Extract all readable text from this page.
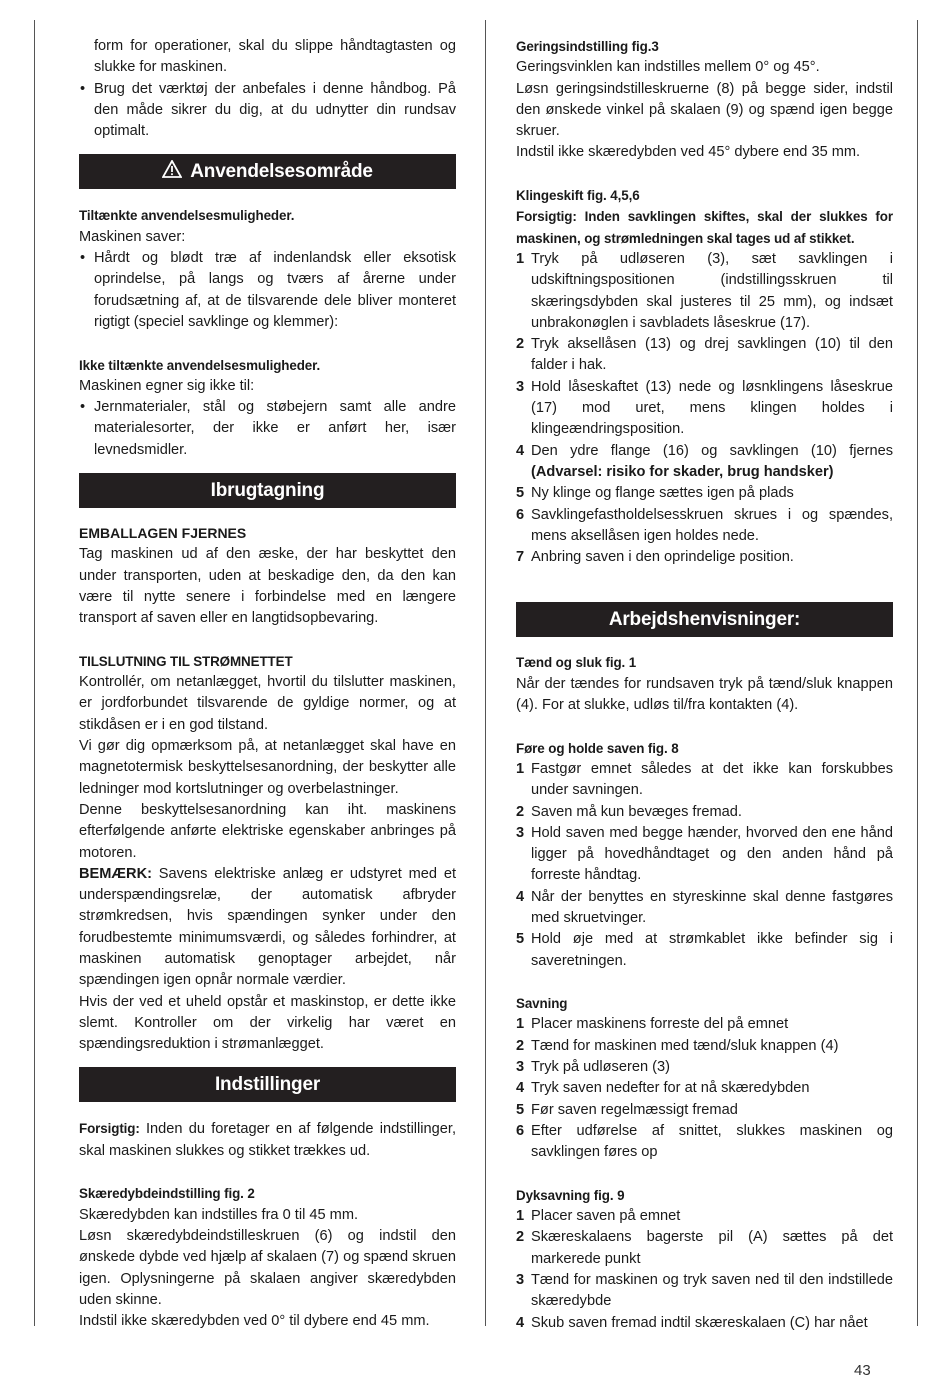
form for operationer, skal du slippe håndtagtasten og slukke for maskinen.
• Brug det værktøj der anbefales i denne håndbog. På den måde sikrer du dig, at du udnytter din rundsav optimalt.
Anvendelsesområde

Tiltænkte anvendelsesmuligheder.

Maskinen saver:

• Hårdt og blødt træ af indenlandsk eller eksotisk oprindelse, på langs og tværs af årerne under forudsætning af, at de tilsvarende dele bliver monteret rigtigt (speciel savklinge og klemmer):

Ikke tiltænkte anvendelsesmuligheder.

Maskinen egner sig ikke til:

• Jernmaterialer, stål og støbejern samt alle andre materialesorter, der ikke er anført her, især levnedsmidler.
Ibrugtagning

EMBALLAGEN FJERNES

Tag maskinen ud af den æske, der har beskyttet den under transporten, uden at beskadige den, da den kan være til nytte senere i forbindelse med en længere transport af saven eller en langtidsopbevaring.

TILSLUTNING TIL STRØMNETTET

Kontrollér, om netanlægget, hvortil du tilslutter maskinen, er jordforbundet tilsvarende de gyldige normer, og at stikdåsen er i en god tilstand.

Vi gør dig opmærksom på, at netanlægget skal have en magnetotermisk beskyttelsesanordning, der beskytter alle ledninger mod kortslutninger og overbelastninger.

Denne beskyttelsesanordning kan iht. maskinens efterfølgende anførte elektriske egenskaber anbringes på motoren.

BEMÆRK: Savens elektriske anlæg er udstyret med et underspændingsrelæ, der automatisk afbryder strømkredsen, hvis spændingen synker under den forudbestemte minimumsværdi, og således forhindrer, at maskinen automatisk genoptager arbejdet, når spændingen igen opnår normale værdier.

Hvis der ved et uheld opstår et maskinstop, er dette ikke slemt. Kontroller om der virkelig har været en spændingsreduktion i strømanlægget.

Indstillinger

Forsigtig: Inden du foretager en af følgende indstillinger, skal maskinen slukkes og stikket trækkes ud.

Skæredybdeindstilling fig. 2

Skæredybden kan indstilles fra 0 til 45 mm.

Løsn skæredybdeindstilleskruen (6) og indstil den ønskede dybde ved hjælp af skalaen (7) og spænd skruen igen. Oplysningerne på skalaen angiver skæredybden uden skinne.

Indstil ikke skæredybden ved 0° til dybere end 45 mm.

Geringsindstilling fig.3

Geringsvinklen kan indstilles mellem 0° og 45°.

Løsn geringsindstilleskruerne (8) på begge sider, indstil den ønskede vinkel på skalaen (9) og spænd igen begge skruer.

Indstil ikke skæredybden ved 45° dybere end 35 mm.

Klingeskift fig. 4,5,6

Forsigtig: Inden savklingen skiftes, skal der slukkes for maskinen, og strømledningen skal tages ud af stikket.

1 Tryk på udløseren (3), sæt savklingen i udskiftningspositionen (indstillingsskruen til skæringsdybden skal justeres til 25 mm), og indsæt unbrakonøglen i savbladets låseskrue (17).
2 Tryk aksellåsen (13) og drej savklingen (10) til den falder i hak.
3 Hold låseskaftet (13) nede og løsnklingens låseskrue (17) mod uret, mens klingen holdes i klingeændringsposition.
4 Den ydre flange (16) og savklingen (10) fjernes (Advarsel: risiko for skader, brug handsker)
5 Ny klinge og flange sættes igen på plads
6 Savklingefastholdelsesskruen skrues i og spændes, mens aksellåsen igen holdes nede.
7 Anbring saven i den oprindelige position.
Arbejdshenvisninger:

Tænd og sluk fig. 1

Når der tændes for rundsaven tryk på tænd/sluk knappen (4). For at slukke, udløs til/fra kontakten (4).

Føre og holde saven fig. 8

1 Fastgør emnet således at det ikke kan forskubbes under savningen.
2 Saven må kun bevæges fremad.
3 Hold saven med begge hænder, hvorved den ene hånd ligger på hovedhåndtaget og den anden hånd på forreste håndtag.
4 Når der benyttes en styreskinne skal denne fastgøres med skruetvinger.
5 Hold øje med at strømkablet ikke befinder sig i saveretningen.

Savning

1 Placer maskinens forreste del på emnet
2 Tænd for maskinen med tænd/sluk knappen (4)
3 Tryk på udløseren (3)
4 Tryk saven nedefter for at nå skæredybden
5 Før saven regelmæssigt fremad
6 Efter udførelse af snittet, slukkes maskinen og savklingen føres op

Dyksavning fig. 9

1 Placer saven på emnet
2 Skæreskalaens bagerste pil (A) sættes på det markerede punkt
3 Tænd for maskinen og tryk saven ned til den indstillede skæredybde
4 Skub saven fremad indtil skæreskalaen (C) har nået
43
